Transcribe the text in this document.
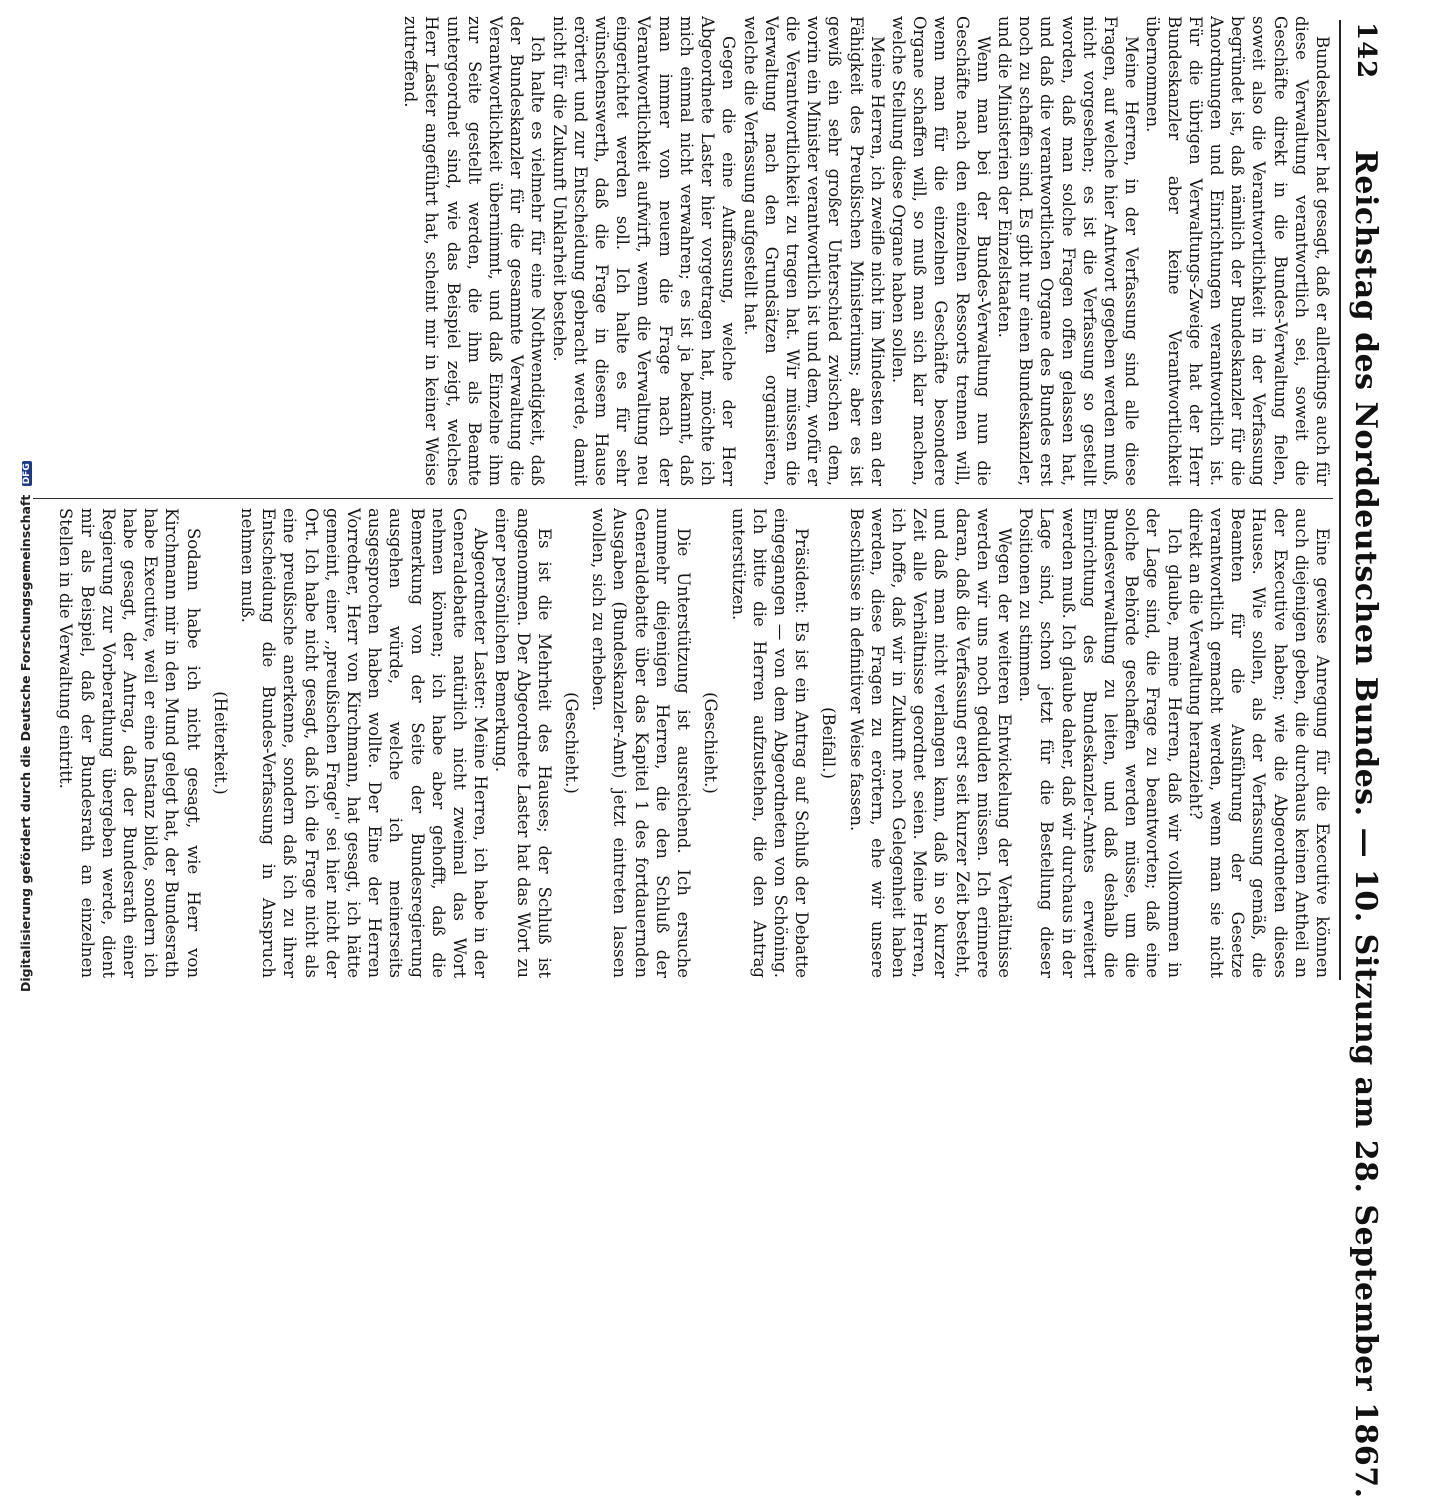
142
Reichstag des Norddeutschen Bundes. — 10. Sitzung am 28. September 1867.

Bundeskanzler hat gesagt, daß er allerdings auch für diese Verwaltung verantwortlich sei, soweit die Geschäfte direkt in die Bundes-Verwaltung fielen, soweit also die Verantwortlichkeit in der Verfassung begründet ist, daß nämlich der Bundeskanzler für die Anordnungen und Einrichtungen verantwortlich ist. Für die übrigen Verwaltungs-Zweige hat der Herr Bundeskanzler aber keine Verantwortlichkeit übernommen.

Meine Herren, in der Verfassung sind alle diese Fragen, auf welche hier Antwort gegeben werden muß, nicht vorgesehen; es ist die Verfassung so gestellt worden, daß man solche Fragen offen gelassen hat, und daß die verantwortlichen Organe des Bundes erst noch zu schaffen sind. Es gibt nur einen Bundeskanzler, und die Ministerien der Einzelstaaten.

Wenn man bei der Bundes-Verwaltung nun die Geschäfte nach den einzelnen Ressorts trennen will, wenn man für die einzelnen Geschäfte besondere Organe schaffen will, so muß man sich klar machen, welche Stellung diese Organe haben sollen.

Meine Herren, ich zweifle nicht im Mindesten an der Fähigkeit des Preußischen Ministeriums; aber es ist gewiß ein sehr großer Unterschied zwischen dem, worin ein Minister verantwortlich ist und dem, wofür er die Verantwortlichkeit zu tragen hat. Wir müssen die Verwaltung nach den Grundsätzen organisieren, welche die Verfassung aufgestellt hat.

Gegen die eine Auffassung, welche der Herr Abgeordnete Laster hier vorgetragen hat, möchte ich mich einmal nicht verwahren; es ist ja bekannt, daß man immer von neuem die Frage nach der Verantwortlichkeit aufwirft, wenn die Verwaltung neu eingerichtet werden soll. Ich halte es für sehr wünschenswerth, daß die Frage in diesem Hause erörtert und zur Entscheidung gebracht werde, damit nicht für die Zukunft Unklarheit bestehe.

Ich halte es vielmehr für eine Nothwendigkeit, daß der Bundeskanzler für die gesammte Verwaltung die Verantwortlichkeit übernimmt, und daß Einzelne ihm zur Seite gestellt werden, die ihm als Beamte untergeordnet sind, wie das Beispiel zeigt, welches Herr Laster angeführt hat, scheint mir in keiner Weise zutreffend.

Eine gewisse Anregung für die Executive können auch diejenigen geben, die durchaus keinen Antheil an der Executive haben; wie die Abgeordneten dieses Hauses. Wie sollen, als der Verfassung gemäß, die Beamten für die Ausführung der Gesetze verantwortlich gemacht werden, wenn man sie nicht direkt an die Verwaltung heranzieht?

Ich glaube, meine Herren, daß wir vollkommen in der Lage sind, die Frage zu beantworten; daß eine solche Behörde geschaffen werden müsse, um die Bundesverwaltung zu leiten, und daß deshalb die Einrichtung des Bundeskanzler-Amtes erweitert werden muß. Ich glaube daher, daß wir durchaus in der Lage sind, schon jetzt für die Bestellung dieser Positionen zu stimmen.

Wegen der weiteren Entwickelung der Verhältnisse werden wir uns noch gedulden müssen. Ich erinnere daran, daß die Verfassung erst seit kurzer Zeit besteht, und daß man nicht verlangen kann, daß in so kurzer Zeit alle Verhältnisse geordnet seien. Meine Herren, ich hoffe, daß wir in Zukunft noch Gelegenheit haben werden, diese Fragen zu erörtern, ehe wir unsere Beschlüsse in definitiver Weise fassen.

(Beifall.)

Präsident: Es ist ein Antrag auf Schluß der Debatte eingegangen — von dem Abgeordneten von Schöning. Ich bitte die Herren aufzustehen, die den Antrag unterstützen.

(Geschieht.)

Die Unterstützung ist ausreichend. Ich ersuche nunmehr diejenigen Herren, die den Schluß der Generaldebatte über das Kapitel 1 des fortdauernden Ausgaben (Bundeskanzler-Amt) jetzt eintreten lassen wollen, sich zu erheben.

(Geschieht.)

Es ist die Mehrheit des Hauses; der Schluß ist angenommen. Der Abgeordnete Laster hat das Wort zu einer persönlichen Bemerkung.

Abgeordneter Laster: Meine Herren, ich habe in der Generaldebatte natürlich nicht zweimal das Wort nehmen können; ich habe aber gehofft, daß die Bemerkung von der Seite der Bundesregierung ausgehen würde, welche ich meinerseits ausgesprochen haben wollte. Der Eine der Herren Vorredner, Herr von Kirchmann, hat gesagt, ich hätte gemeint, einer ,,preußischen Frage'' sei hier nicht der Ort. Ich habe nicht gesagt, daß ich die Frage nicht als eine preußische anerkenne, sondern daß ich zu ihrer Entscheidung die Bundes-Verfassung in Anspruch nehmen muß.

(Heiterkeit.)

Sodann habe ich nicht gesagt, wie Herr von Kirchmann mir in den Mund gelegt hat, der Bundesrath habe Executive, weil er eine Instanz bilde, sondern ich habe gesagt, der Antrag, daß der Bundesrath einer Regierung zur Vorberathung übergeben werde, dient mir als Beispiel, daß der Bundesrath an einzelnen Stellen in die Verwaltung eintritt.

Digitalisierung gefördert durch die Deutsche Forschungsgemeinschaft DFG
